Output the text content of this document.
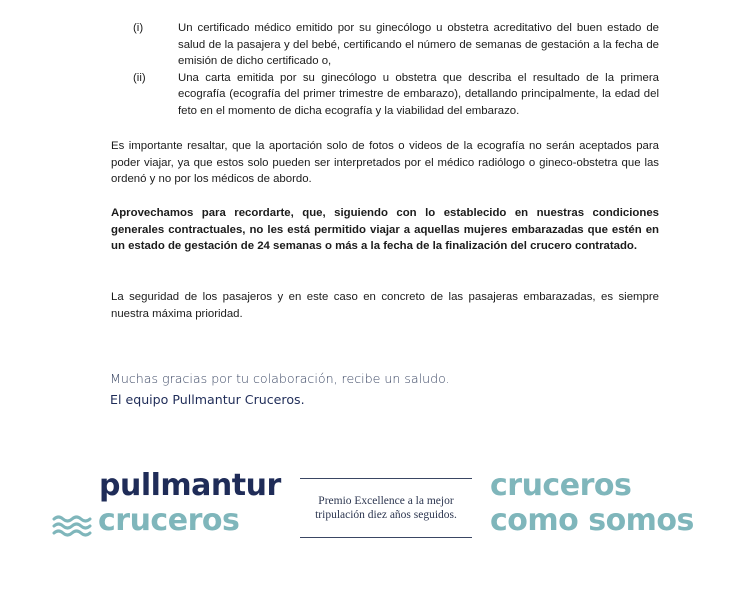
(i)	Un certificado médico emitido por su ginecólogo u obstetra acreditativo del buen estado de salud de la pasajera y del bebé, certificando el número de semanas de gestación a la fecha de emisión de dicho certificado o,
(ii)	Una carta emitida por su ginecólogo u obstetra que describa el resultado de la primera ecografía (ecografía del primer trimestre de embarazo), detallando principalmente, la edad del feto en el momento de dicha ecografía y la viabilidad del embarazo.

Es importante resaltar, que la aportación solo de fotos o videos de la ecografía no serán aceptados para poder viajar, ya que estos solo pueden ser interpretados por el médico radiólogo o gineco-obstetra que las ordenó y no por los médicos de abordo.

Aprovechamos para recordarte, que, siguiendo con lo establecido en nuestras condiciones generales contractuales, no les está permitido viajar a aquellas mujeres embarazadas que estén en un estado de gestación de 24 semanas o más a la fecha de la finalización del crucero contratado.

La seguridad de los pasajeros y en este caso en concreto de las pasajeras embarazadas, es siempre nuestra máxima prioridad.

Muchas gracias por tu colaboración, recibe un saludo.
El equipo Pullmantur Cruceros.
pullmantur
cruceros
Premio Excellence a la mejor
tripulación diez años seguidos.
cruceros
como somos
